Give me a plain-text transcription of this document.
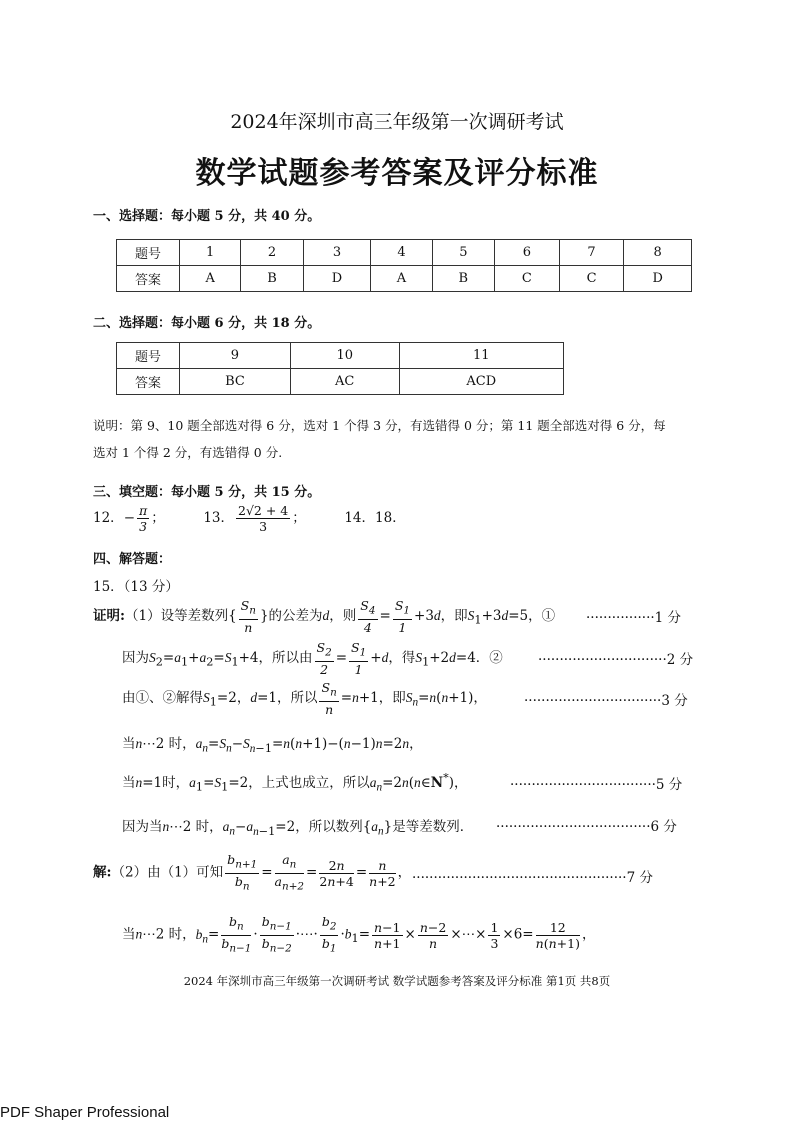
2024年深圳市高三年级第一次调研考试
数学试题参考答案及评分标准
一、选择题：每小题 5 分，共 40 分。
题号	1	2	3	4	5	6	7	8
答案	A	B	D	A	B	C	C	D
二、选择题：每小题 6 分，共 18 分。
题号	9	10	11
答案	BC	AC	ACD
说明：第 9、10 题全部选对得 6 分，选对 1 个得 3 分，有选错得 0 分；第 11 题全部选对得 6 分，每
选对 1 个得 2 分，有选错得 0 分.
三、填空题：每小题 5 分，共 15 分。
12．− $\frac{\pi}{3}$ ；	13． $\frac{2√2 + 4}{3}$ ；	14．18．
四、解答题：
15．（13 分）
证明:（1）设等差数列{ $\frac{S_n}{n}$ }的公差为d，则 $\frac{S_4}{4} = \frac{S_1}{1} +3d$，即$S_1+3d=5$，① ················1 分
因为$S_2=a_1+a_2=S_1+4$，所以由 $\frac{S_2}{2} = \frac{S_1}{1} +d$，得$S_1+2d=4$．②	······························2 分
由①、②解得$S_1=2$，d=1，所以 $\frac{S_n}{n} =n+1$，即$S_n=n(n+1)$，	································3 分
当n⋯2 时，$a_n=S_n-S_{n-1}=n(n+1)-(n-1)n=2n$，
当n=1时，$a_1=S_1=2$，上式也成立，所以$a_n=2n(n\in N^*)$，	··································5 分
因为当n⋯2 时，$a_n-a_{n-1}=2$，所以数列$\{a_n\}$是等差数列． ····································6 分
解:（2）由（1）可知 $\frac{b_{n+1}}{b_n} = \frac{a_n}{a_{n+2}} = \frac{2n}{2n+4} = \frac{n}{n+2}$ ， ··················································7 分
当n⋯2 时，$b_n= \frac{b_n}{b_{n-1}} \cdot \frac{b_{n-1}}{b_{n-2}}$ ·⋯· $\frac{b_2}{b_1} \cdot b_1= \frac{n-1}{n+1} \times \frac{n-2}{n}$ ×⋯× $\frac{1}{3} \times 6= \frac{12}{n(n+1)}$ ，
2024 年深圳市高三年级第一次调研考试 数学试题参考答案及评分标准 第1页 共8页
PDF Shaper Professional
